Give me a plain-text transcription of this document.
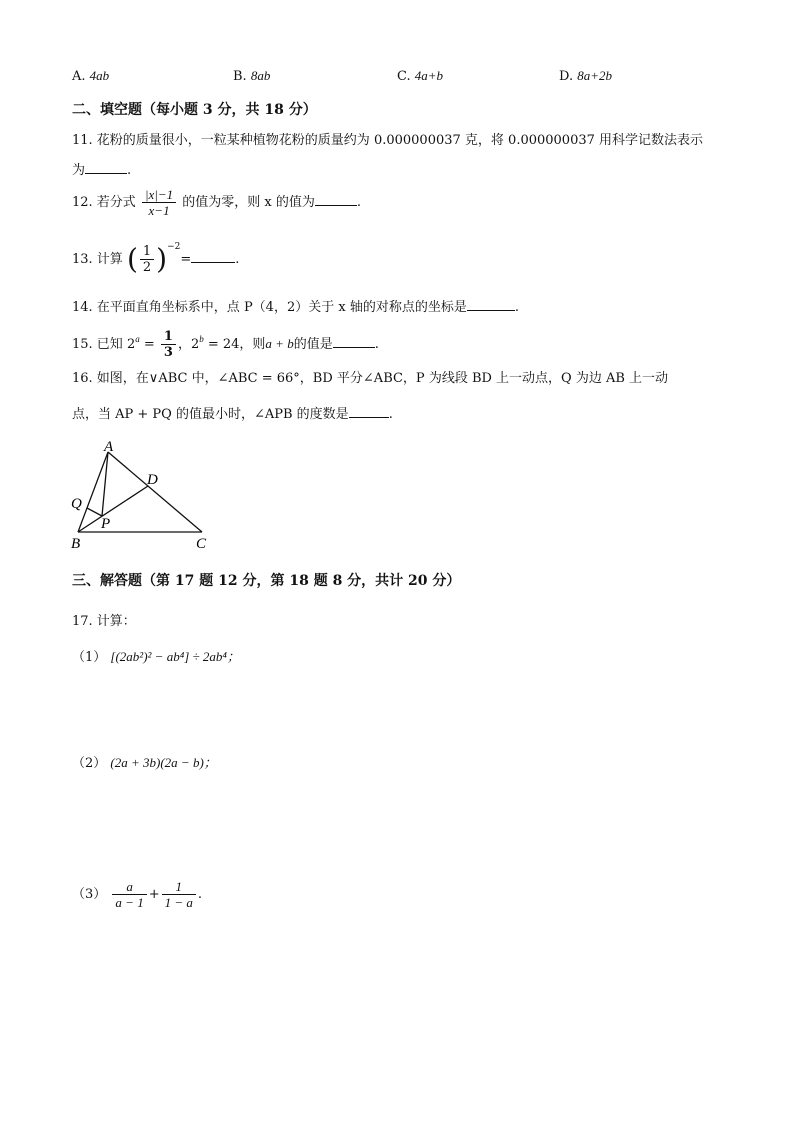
A. 4ab	B. 8ab	C. 4a+b	D. 8a+2b
二、填空题（每小题 3 分，共 18 分）
11. 花粉的质量很小，一粒某种植物花粉的质量约为 0.000000037 克，将 0.000000037 用科学记数法表示
为	.
12. 若分式 $\frac{|x|-1}{x-1}$ 的值为零，则 x 的值为	.
13. 计算 ( $\frac{1}{2} )^{-2}=$	.
14. 在平面直角坐标系中，点 P（4，2）关于 x 轴的对称点的坐标是	.
15. 已知 $2^a = \frac{1}{3}$ ，$2^b = 24$，则a + b的值是	.
16. 如图，在∨ABC 中，∠ABC = 66°，BD 平分∠ABC，P 为线段 BD 上一动点，Q 为边 AB 上一动
点，当 AP + PQ 的值最小时，∠APB 的度数是	.
A
D
Q
P
B	C
三、解答题（第 17 题 12 分，第 18 题 8 分，共计 20 分）
17. 计算：
（1） [(2ab²)² − ab⁴] ÷ 2ab⁴；
（2） (2a + 3b)(2a − b)；
$(3) \frac{a}{a - 1} + \frac{1}{1 - a}$ .
